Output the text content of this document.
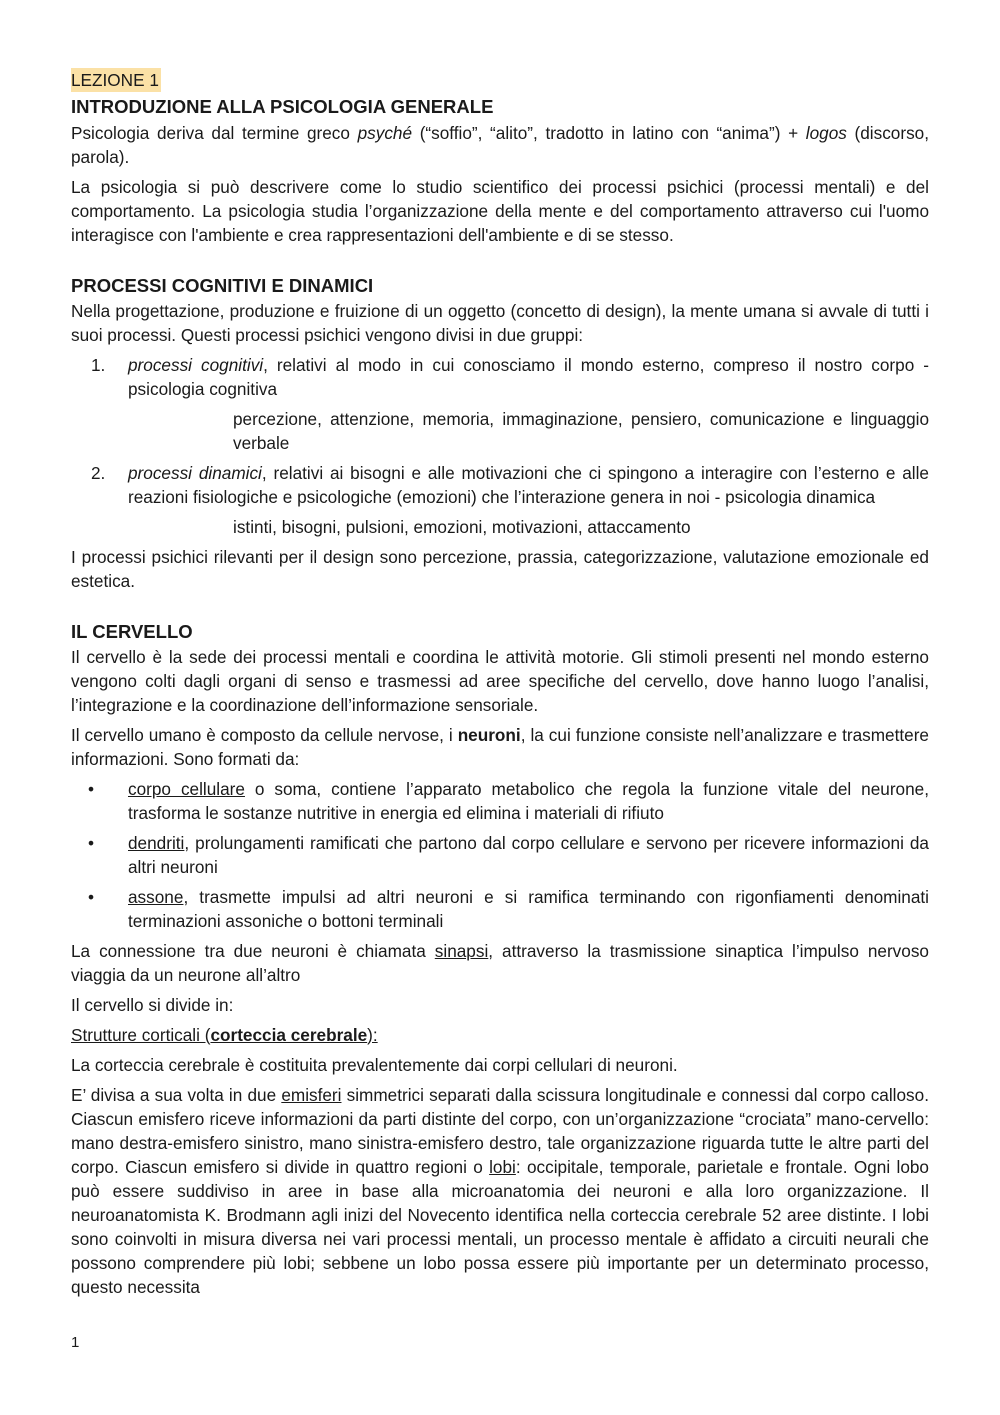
LEZIONE 1
INTRODUZIONE ALLA PSICOLOGIA GENERALE

Psicologia deriva dal termine greco psyché (“soffio”, “alito”, tradotto in latino con “anima”) + logos (discorso, parola).

La psicologia si può descrivere come lo studio scientifico dei processi psichici (processi mentali) e del comportamento. La psicologia studia l’organizzazione della mente e del comportamento attraverso cui l'uomo interagisce con l'ambiente e crea rappresentazioni dell'ambiente e di se stesso.

PROCESSI COGNITIVI E DINAMICI

Nella progettazione, produzione e fruizione di un oggetto (concetto di design), la mente umana si avvale di tutti i suoi processi. Questi processi psichici vengono divisi in due gruppi:

1.	processi cognitivi, relativi al modo in cui conosciamo il mondo esterno, compreso il nostro corpo - psicologia cognitiva

percezione, attenzione, memoria, immaginazione, pensiero, comunicazione e linguaggio verbale

2.	processi dinamici, relativi ai bisogni e alle motivazioni che ci spingono a interagire con l’esterno e alle reazioni fisiologiche e psicologiche (emozioni) che l’interazione genera in noi - psicologia dinamica

istinti, bisogni, pulsioni, emozioni, motivazioni, attaccamento

I processi psichici rilevanti per il design sono percezione, prassia, categorizzazione, valutazione emozionale ed estetica.

IL CERVELLO

Il cervello è la sede dei processi mentali e coordina le attività motorie. Gli stimoli presenti nel mondo esterno vengono colti dagli organi di senso e trasmessi ad aree specifiche del cervello, dove hanno luogo l’analisi, l’integrazione e la coordinazione dell’informazione sensoriale.

Il cervello umano è composto da cellule nervose, i neuroni, la cui funzione consiste nell’analizzare e trasmettere informazioni. Sono formati da:

•	corpo cellulare o soma, contiene l’apparato metabolico che regola la funzione vitale del neurone, trasforma le sostanze nutritive in energia ed elimina i materiali di rifiuto
•	dendriti, prolungamenti ramificati che partono dal corpo cellulare e servono per ricevere informazioni da altri neuroni
•	assone, trasmette impulsi ad altri neuroni e si ramifica terminando con rigonfiamenti denominati terminazioni assoniche o bottoni terminali

La connessione tra due neuroni è chiamata sinapsi, attraverso la trasmissione sinaptica l’impulso nervoso viaggia da un neurone all’altro

Il cervello si divide in:

Strutture corticali (corteccia cerebrale):

La corteccia cerebrale è costituita prevalentemente dai corpi cellulari di neuroni.

E’ divisa a sua volta in due emisferi simmetrici separati dalla scissura longitudinale e connessi dal corpo calloso. Ciascun emisfero riceve informazioni da parti distinte del corpo, con un’organizzazione “crociata” mano-cervello: mano destra-emisfero sinistro, mano sinistra-emisfero destro, tale organizzazione riguarda tutte le altre parti del corpo. Ciascun emisfero si divide in quattro regioni o lobi: occipitale, temporale, parietale e frontale. Ogni lobo può essere suddiviso in aree in base alla microanatomia dei neuroni e alla loro organizzazione. Il neuroanatomista K. Brodmann agli inizi del Novecento identifica nella corteccia cerebrale 52 aree distinte. I lobi sono coinvolti in misura diversa nei vari processi mentali, un processo mentale è affidato a circuiti neurali che possono comprendere più lobi; sebbene un lobo possa essere più importante per un determinato processo, questo necessita

1
